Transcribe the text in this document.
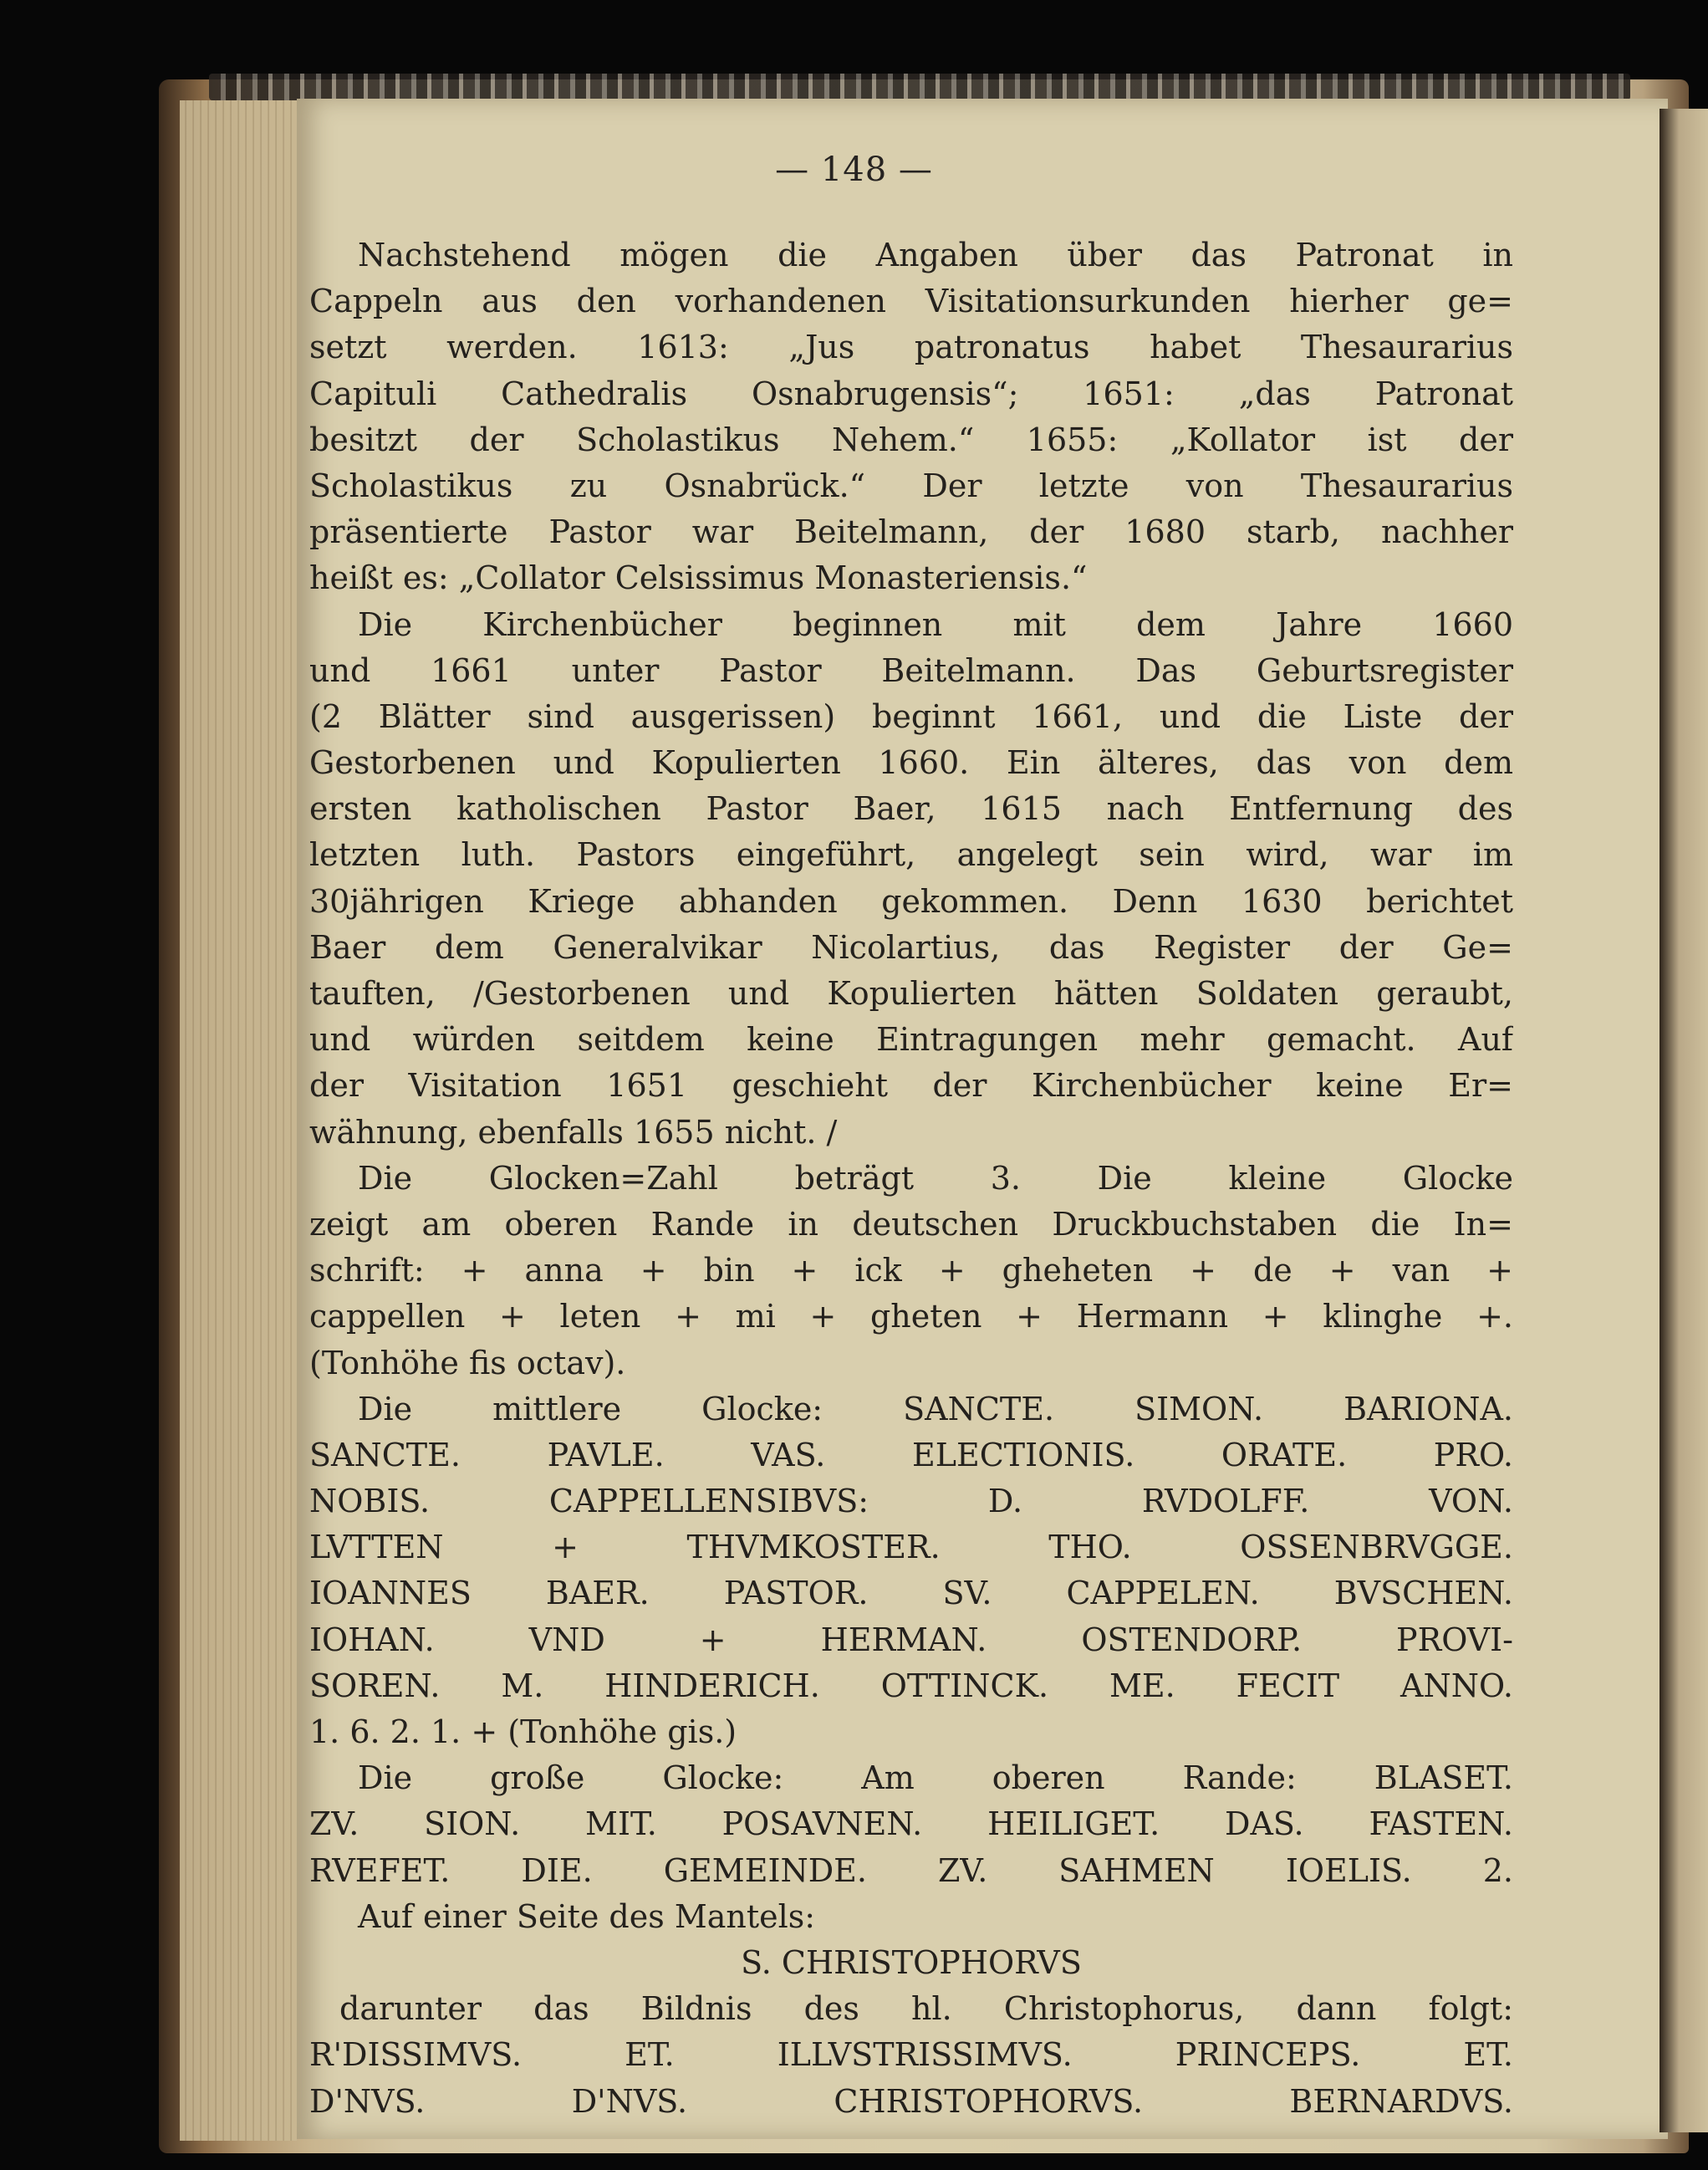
— 148 —
Nachstehend mögen die Angaben über das Patronat in
Cappeln aus den vorhandenen Visitationsurkunden hierher ge=
setzt werden. 1613: „Jus patronatus habet Thesaurarius
Capituli Cathedralis Osnabrugensis“; 1651: „das Patronat
besitzt der Scholastikus Nehem.“ 1655: „Kollator ist der
Scholastikus zu Osnabrück.“ Der letzte von Thesaurarius
präsentierte Pastor war Beitelmann, der 1680 starb, nachher
heißt es: „Collator Celsissimus Monasteriensis.“
Die Kirchenbücher beginnen mit dem Jahre 1660
und 1661 unter Pastor Beitelmann. Das Geburtsregister
(2 Blätter sind ausgerissen) beginnt 1661, und die Liste der
Gestorbenen und Kopulierten 1660. Ein älteres, das von dem
ersten katholischen Pastor Baer, 1615 nach Entfernung des
letzten luth. Pastors eingeführt, angelegt sein wird, war im
30jährigen Kriege abhanden gekommen. Denn 1630 berichtet
Baer dem Generalvikar Nicolartius, das Register der Ge=
tauften, /Gestorbenen und Kopulierten hätten Soldaten geraubt,
und würden seitdem keine Eintragungen mehr gemacht. Auf
der Visitation 1651 geschieht der Kirchenbücher keine Er=
wähnung, ebenfalls 1655 nicht. /
Die Glocken=Zahl beträgt 3. Die kleine Glocke
zeigt am oberen Rande in deutschen Druckbuchstaben die In=
schrift: + anna + bin + ick + gheheten + de + van +
cappellen + leten + mi + gheten + Hermann + klinghe +.
(Tonhöhe fis octav).
Die mittlere Glocke: SANCTE. SIMON. BARIONA.
SANCTE. PAVLE. VAS. ELECTIONIS. ORATE. PRO.
NOBIS. CAPPELLENSIBVS: D. RVDOLFF. VON.
LVTTEN + THVMKOSTER. THO. OSSENBRVGGE.
IOANNES BAER. PASTOR. SV. CAPPELEN. BVSCHEN.
IOHAN. VND + HERMAN. OSTENDORP. PROVI-
SOREN. M. HINDERICH. OTTINCK. ME. FECIT ANNO.
1. 6. 2. 1. + (Tonhöhe gis.)
Die große Glocke: Am oberen Rande: BLASET.
ZV. SION. MIT. POSAVNEN. HEILIGET. DAS. FASTEN.
RVEFET. DIE. GEMEINDE. ZV. SAHMEN IOELIS. 2.
Auf einer Seite des Mantels:
S. CHRISTOPHORVS
darunter das Bildnis des hl. Christophorus, dann folgt:
R'DISSIMVS. ET. ILLVSTRISSIMVS. PRINCEPS. ET.
D'NVS. D'NVS. CHRISTOPHORVS. BERNARDVS.
